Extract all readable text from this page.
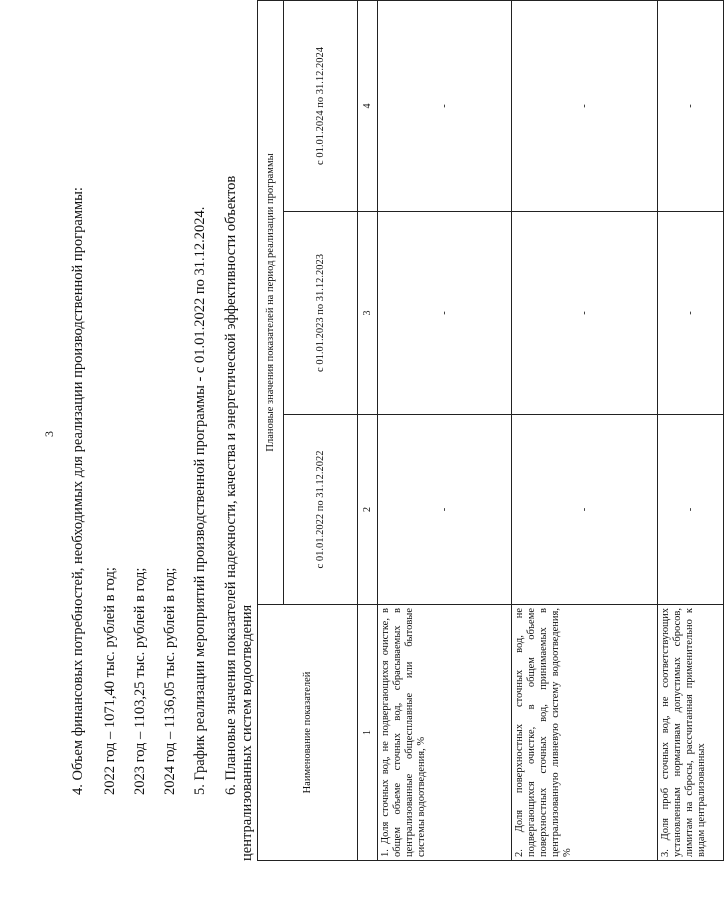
3 4. Объем финансовых потребностей, необходимых для реализации производственной программы: 2022 год – 1071,40 тыс. рублей в год; 2023 год – 1103,25 тыс. рублей в год; 2024 год – 1136,05 тыс. рублей в год; 5. График реализации мероприятий производственной программы - с 01.01.2022 по 31.12.2024. 6. Плановые значения показателей надежности, качества и энергетической эффективности объектов централизованных систем водоотведения	Наименование показателей	Плановые значения показателей на период реализации программы		
	с 01.01.2022 по 31.12.2022	с 01.01.2023 по 31.12.2023	с 01.01.2024 по 31.12.2024
1	2	3	4
1. Доля сточных вод, не подвергающихся очистке, в общем объеме сточных вод, сбрасываемых в централизованные общесплавные или бытовые системы водоотведения, %	-	-	-
2. Доля поверхностных сточных вод, не подвергающихся очистке, в общем объеме поверхностных сточных вод, принимаемых в централизованную ливневую систему водоотведения, %	-	-	-
3. Доля проб сточных вод, не соответствующих установленным нормативам допустимых сбросов, лимитам на сбросы, рассчитанная применительно к видам централизованных	-	-	-
